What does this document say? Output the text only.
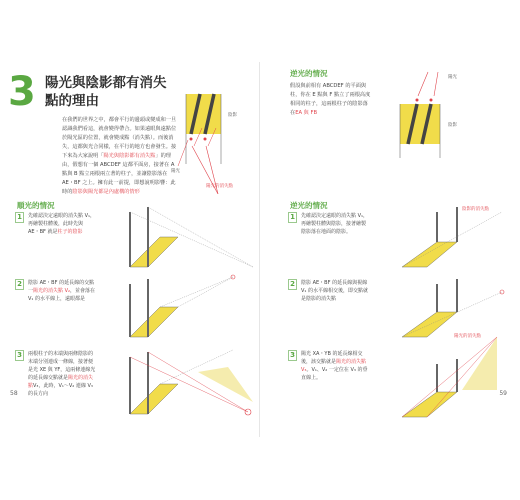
3 陽光與陰影都有消失點的理由
在我們的世界之中，都會平行的邊頭或變成和一旦認識我們看這，就會變得帶合。如果遠眼與遠點位於陽光區的位置，就會變成點（消失點）。而後消失，這都與光合同樣，在平行的地方也會發生。接下來為大家說明「陽光與陰影都有消失點」的理由，假想有一個 ABCDEF 這都平面房，接著在 A 點與 B 點立兩根兩立著的柱子，並讓陰影落在 AE・BF 之上。擁有此一前提，即想說明影響：此時的陰影與陽光都是內處構的情形
陽光
陰影
陽光的消失點
順光的情況
1	先確認決定遠眼的消失點 V₁，再繪製柱體後，此時先與 AE・BF 就是柱子的陰影
2	陰影 AE・BF 的延長線的交點一陽光的消失點 V₂，並會落在 V₁ 的水平線上，遠眼都是
3	兩根柱子的末端與兩條陰影的末端分別連成一條線，接著便是光 XE 與 YF，這兩條連線光的延長線交點就是陽光的消失點V₃，此時，V₁～V₂ 連線 V₃ 的長方向
58
逆光的情況
假設與前相有 ABCDEF 的平面與柱，你在 E 點與 F 點立了兩根高度相同的柱子，這兩根柱子的陰影落在EA 與 FB
陽光
陰影
逆光的情況
1	先確認決定遠眼的消失點 V₁，再繪製柱體與陰影，接著繪製陰影落在地面的陰影。
陰影的消失點
2	陰影 AE・BF 的延長線與視線 V₁ 的水平線相交後，即交點就是陰影的消失點
3	陽光 XA・YB 的延長線相交後，該交點就是陽光的消失點 V₃。V₁、V₂ 一定位在 V₃ 的垂直線上。
陽光的消失點
59
